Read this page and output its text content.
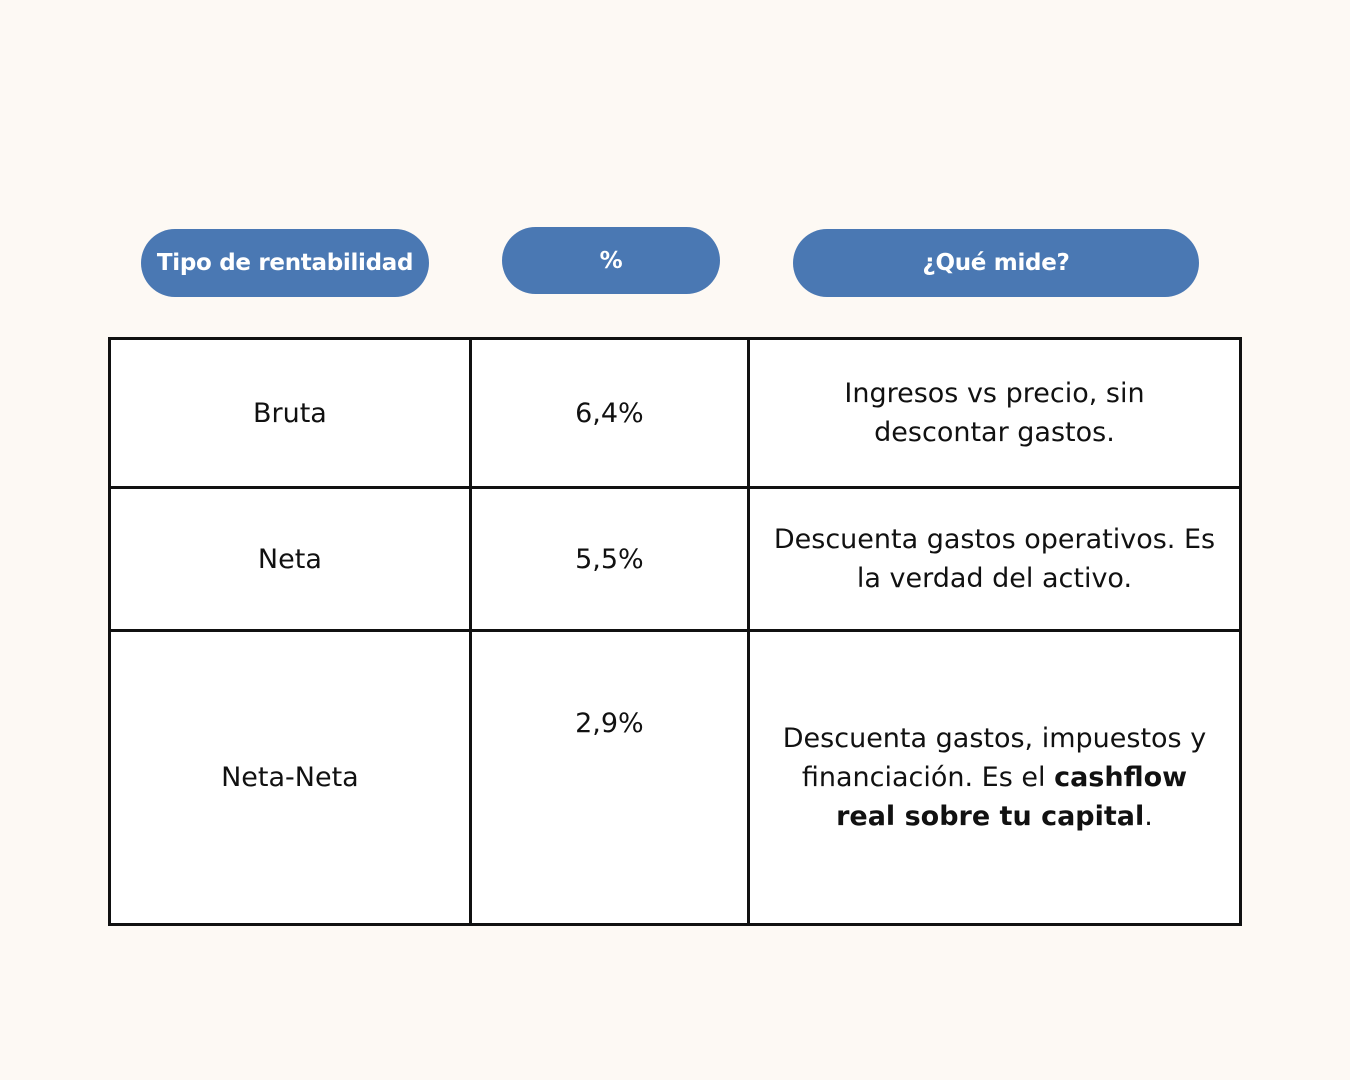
Tipo de rentabilidad	%	¿Qué mide?
Bruta	6,4%	Ingresos vs precio, sin descontar gastos.
Neta	5,5%	Descuenta gastos operativos. Es la verdad del activo.
Neta-Neta	2,9%	Descuenta gastos, impuestos y financiación. Es el cashflow real sobre tu capital.
